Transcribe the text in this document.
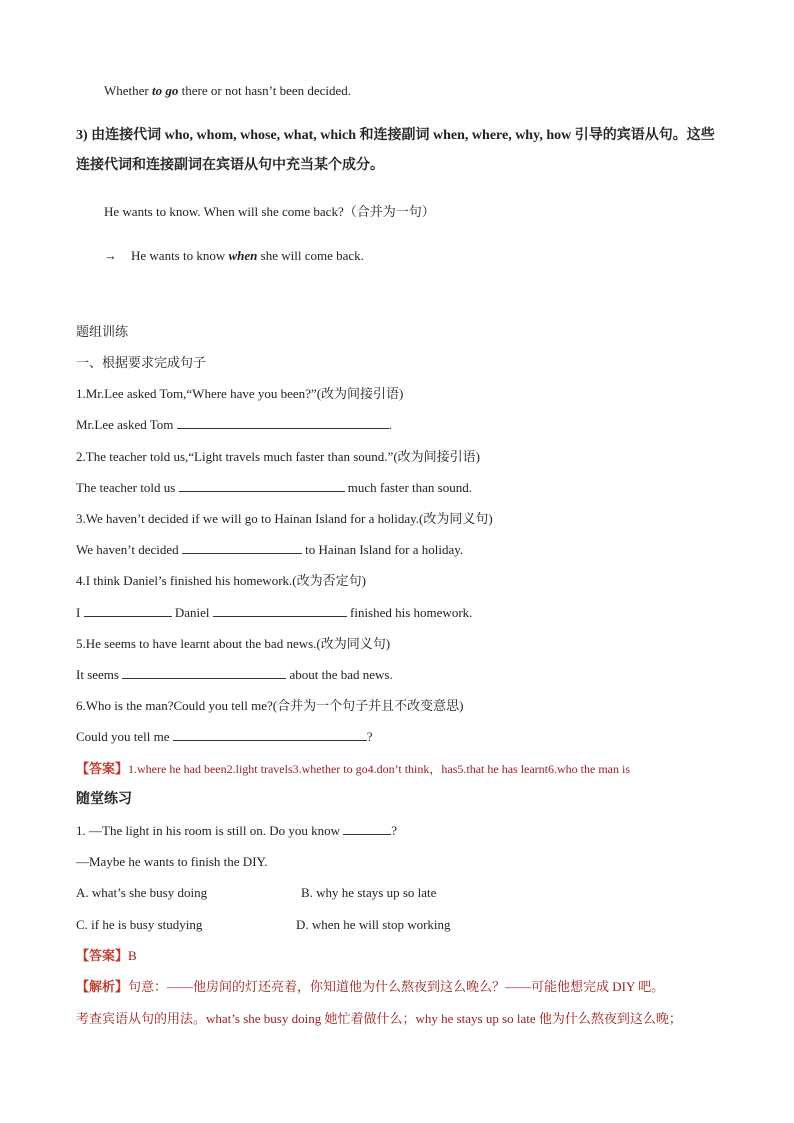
Whether to go there or not hasn’t been decided.
3) 由连接代词 who, whom, whose, what, which 和连接副词 when, where, why, how 引导的宾语从句。这些
连接代词和连接副词在宾语从句中充当某个成分。
He wants to know. When will she come back?（合并为一句）
→ He wants to know when she will come back.
题组训练
一、根据要求完成句子
1.Mr.Lee asked Tom,“Where have you been?”(改为间接引语)
Mr.Lee asked Tom	.
2.The teacher told us,“Light travels much faster than sound.”(改为间接引语)
The teacher told us	much faster than sound.
3.We haven’t decided if we will go to Hainan Island for a holiday.(改为同义句)
We haven’t decided	to Hainan Island for a holiday.
4.I think Daniel’s finished his homework.(改为否定句)
I	Daniel	finished his homework.
5.He seems to have learnt about the bad news.(改为同义句)
It seems	about the bad news.
6.Who is the man?Could you tell me?(合并为一个句子并且不改变意思)
Could you tell me	?
【答案】1.where he had been2.light travels3.whether to go4.don’t think，has5.that he has learnt6.who the man is
随堂练习
1. —The light in his room is still on. Do you know	?
—Maybe he wants to finish the DIY.
A. what’s she busy doing	B. why he stays up so late
C. if he is busy studying	D. when he will stop working
【答案】B
【解析】句意：——他房间的灯还亮着，你知道他为什么熬夜到这么晚么？——可能他想完成 DIY 吧。
考查宾语从句的用法。what’s she busy doing 她忙着做什么；why he stays up so late 他为什么熬夜到这么晚；
